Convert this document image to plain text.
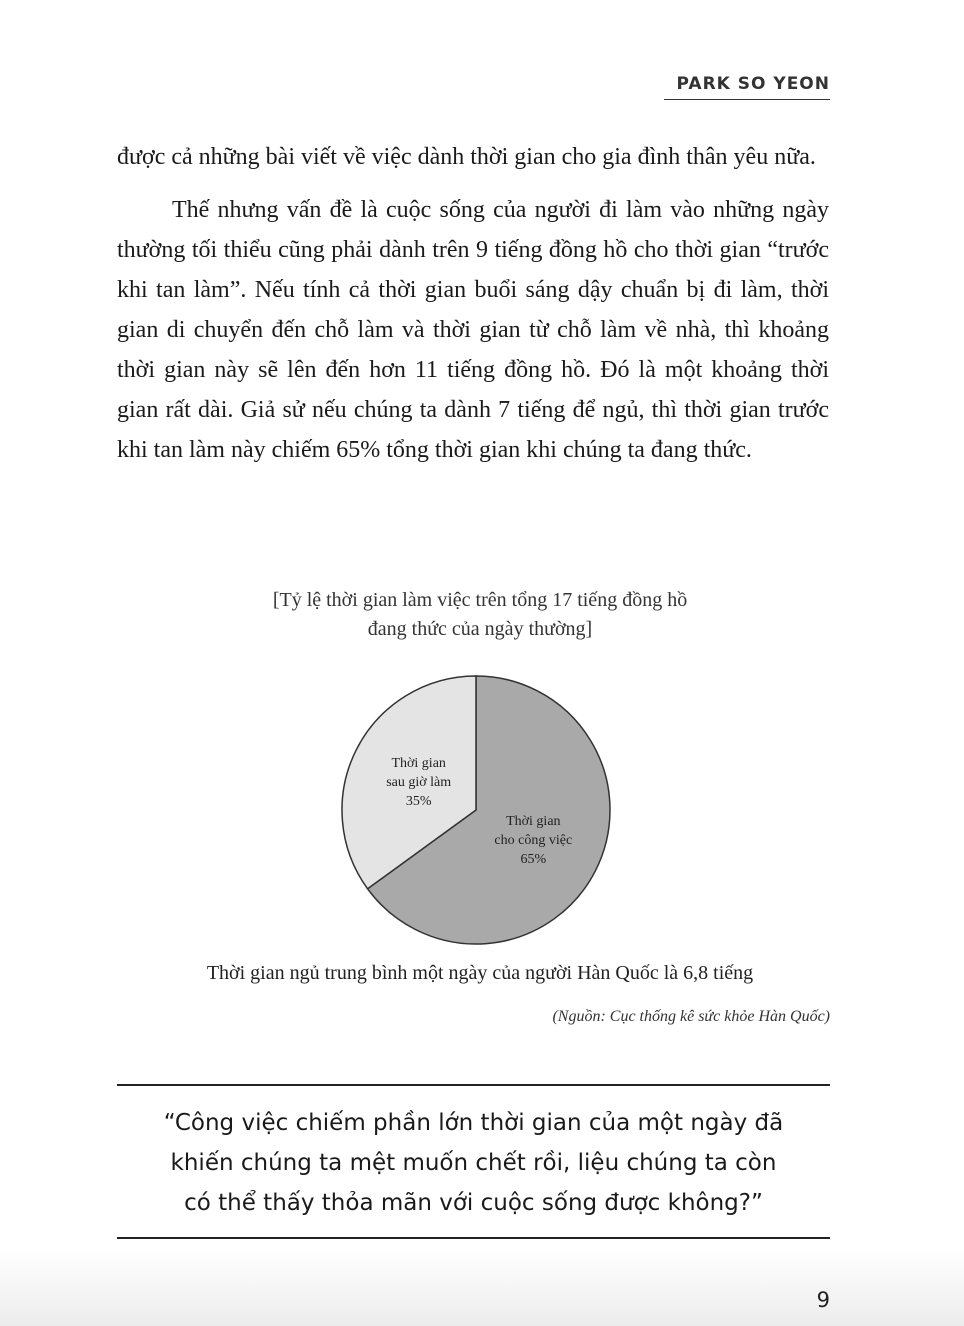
PARK SO YEON

được cả những bài viết về việc dành thời gian cho gia đình thân yêu nữa.

Thế nhưng vấn đề là cuộc sống của người đi làm vào những ngày thường tối thiểu cũng phải dành trên 9 tiếng đồng hồ cho thời gian “trước khi tan làm”. Nếu tính cả thời gian buổi sáng dậy chuẩn bị đi làm, thời gian di chuyển đến chỗ làm và thời gian từ chỗ làm về nhà, thì khoảng thời gian này sẽ lên đến hơn 11 tiếng đồng hồ. Đó là một khoảng thời gian rất dài. Giả sử nếu chúng ta dành 7 tiếng để ngủ, thì thời gian trước khi tan làm này chiếm 65% tổng thời gian khi chúng ta đang thức.

[Tỷ lệ thời gian làm việc trên tổng 17 tiếng đồng hồ
đang thức của ngày thường]
Thời gian cho công việc 65%
Thời gian sau giờ làm 35%
Thời gian ngủ trung bình một ngày của người Hàn Quốc là 6,8 tiếng
(Nguồn: Cục thống kê sức khỏe Hàn Quốc)
“Công việc chiếm phần lớn thời gian của một ngày đã
khiến chúng ta mệt muốn chết rồi, liệu chúng ta còn
có thể thấy thỏa mãn với cuộc sống được không?”
9
